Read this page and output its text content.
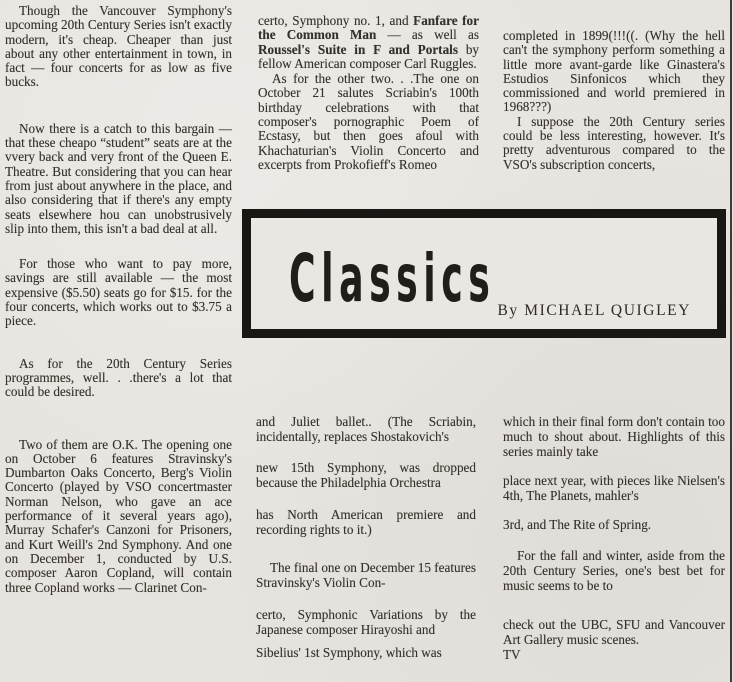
Though the Vancouver Symphony's upcoming 20th Century Series isn't exactly modern, it's cheap. Cheaper than just about any other entertainment in town, in fact — four concerts for as low as five bucks.

Now there is a catch to this bargain — that these cheapo “student” seats are at the vvery back and very front of the Queen E. Theatre. But considering that you can hear from just about anywhere in the place, and also considering that if there's any empty seats elsewhere hou can unobstrusively slip into them, this isn't a bad deal at all.

For those who want to pay more, savings are still available — the most expensive ($5.50) seats go for $15. for the four concerts, which works out to $3.75 a piece.

As for the 20th Century Series programmes, well. . .there's a lot that could be desired.

Two of them are O.K. The opening one on October 6 features Stravinsky's Dumbarton Oaks Concerto, Berg's Violin Concerto (played by VSO concertmaster Norman Nelson, who gave an ace performance of it several years ago), Murray Schafer's Canzoni for Prisoners, and Kurt Weill's 2nd Symphony. And one on December 1, conducted by U.S. composer Aaron Copland, will contain three Copland works — Clarinet Con-

certo, Symphony no. 1, and Fanfare for the Common Man — as well as Roussel's Suite in F and Portals by fellow American composer Carl Ruggles.

As for the other two. . .The one on October 21 salutes Scriabin's 100th birthday celebrations with that composer's pornographic Poem of Ecstasy, but then goes afoul with Khachaturian's Violin Concerto and excerpts from Prokofieff's Romeo

completed in 1899(!!!((. (Why the hell can't the symphony perform something a little more avant-garde like Ginastera's Estudios Sinfonicos which they commissioned and world premiered in 1968???)

I suppose the 20th Century series could be less interesting, however. It's pretty adventurous compared to the VSO's subscription concerts,

Classics By MICHAEL QUIGLEY

and Juliet ballet.. (The Scriabin, incidentally, replaces Shostakovich's

new 15th Symphony, was dropped because the Philadelphia Orchestra

has North American premiere and recording rights to it.)

The final one on December 15 features Stravinsky's Violin Con-

certo, Symphonic Variations by the Japanese composer Hirayoshi and

Sibelius' 1st Symphony, which was

which in their final form don't contain too much to shout about. Highlights of this series mainly take

place next year, with pieces like Nielsen's 4th, The Planets, mahler's

3rd, and The Rite of Spring.

For the fall and winter, aside from the 20th Century Series, one's best bet for music seems to be to

check out the UBC, SFU and Vancouver Art Gallery music scenes.

TV
